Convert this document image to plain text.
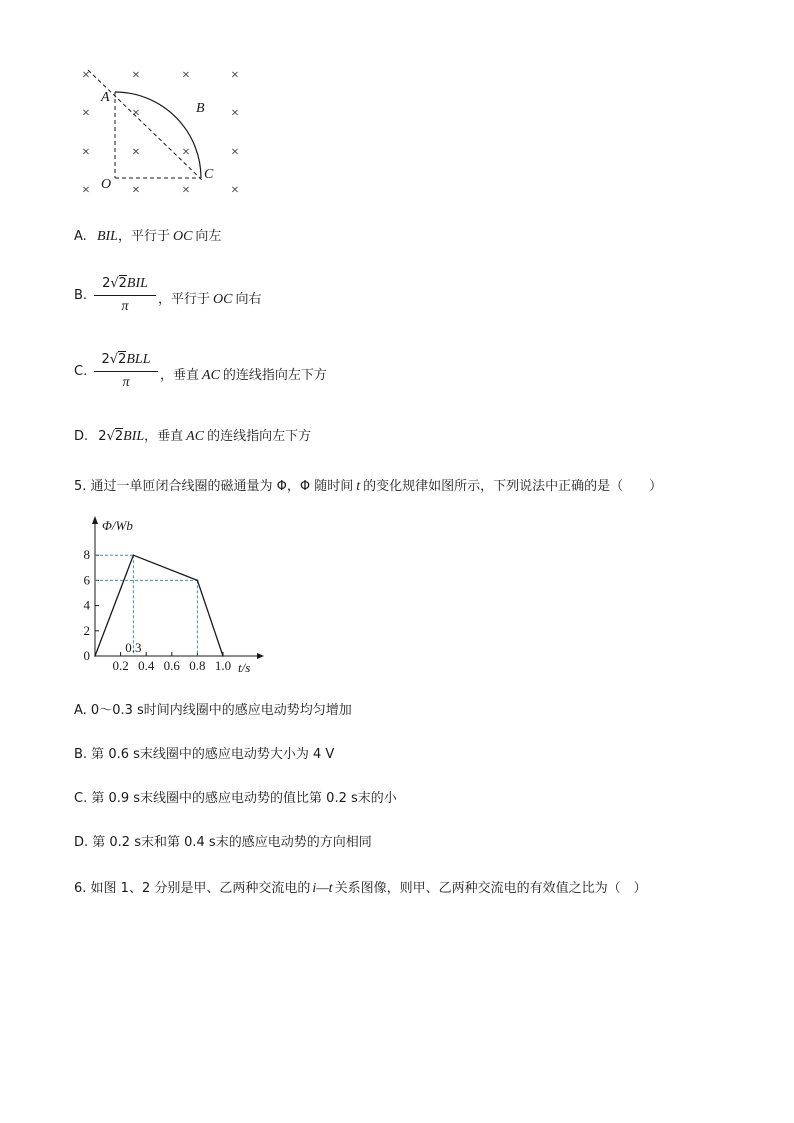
×	×	×	×
×	×	×
×	×	×	×
×	×	×	×
A
B
C
O
A. BIL，平行于 OC 向左
B.
2√2BIL
π	，平行于 OC 向右
C.
2√2BLL
π	，垂直 AC 的连线指向左下方
D. 2√2BIL，垂直 AC 的连线指向左下方
5. 通过一单匝闭合线圈的磁通量为 Φ，Φ 随时间 t 的变化规律如图所示，下列说法中正确的是（　　）
Φ/Wb
t/s
0
2
4
6
8
0.2 0.4 0.6 0.8 1.0
0.3
A. 0～0.3 s时间内线圈中的感应电动势均匀增加
B. 第 0.6 s末线圈中的感应电动势大小为 4 V
C. 第 0.9 s末线圈中的感应电动势的值比第 0.2 s末的小
D. 第 0.2 s末和第 0.4 s末的感应电动势的方向相同
6. 如图 1、2 分别是甲、乙两种交流电的 i—t 关系图像，则甲、乙两种交流电的有效值之比为（　）
